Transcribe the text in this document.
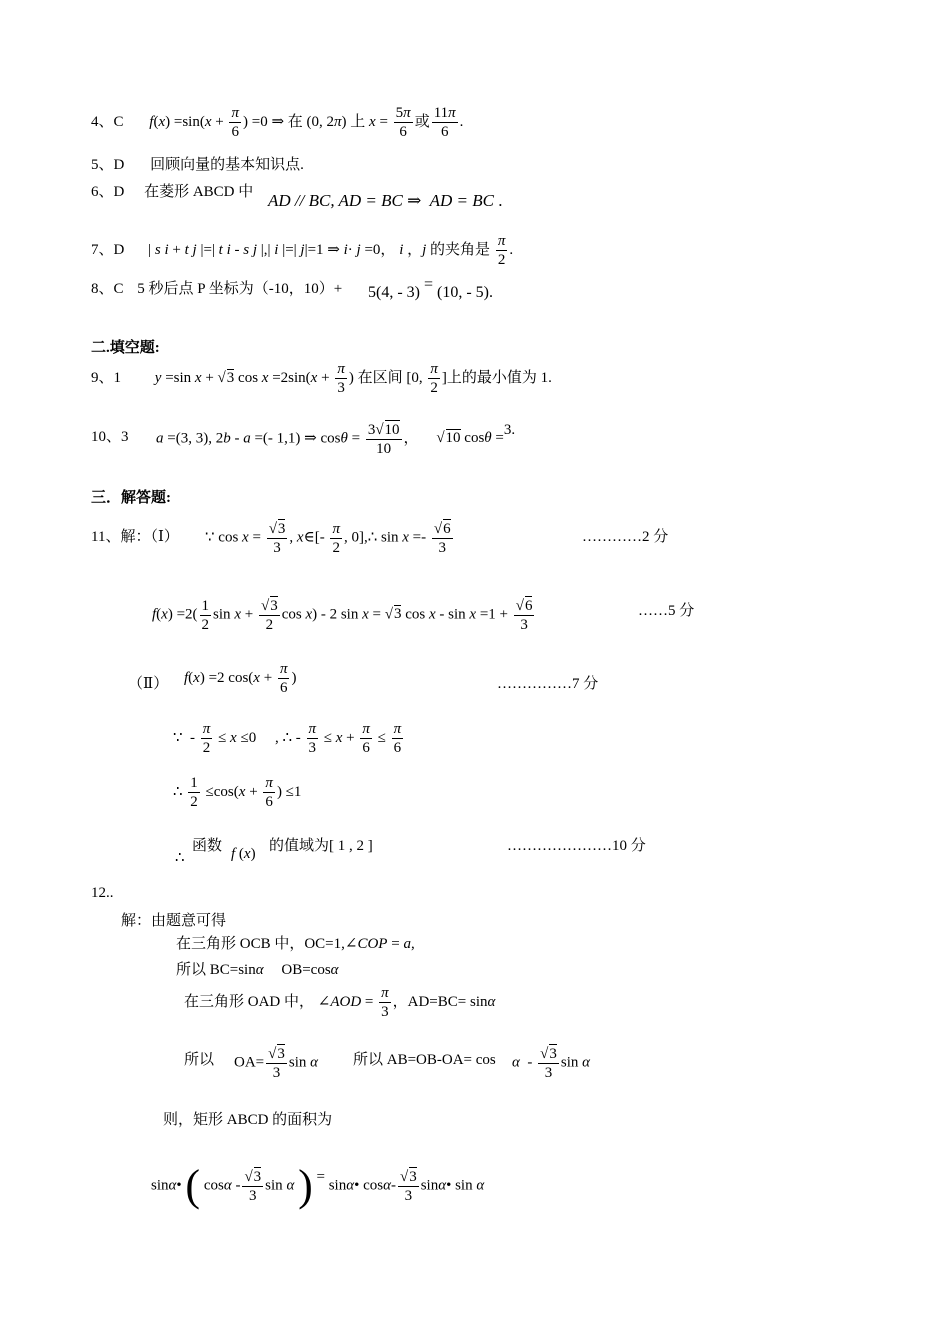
4、C $f(x) =\sin(x + \frac{\pi}{6}$ ) =0 ⇒ 在 (0, 2π) 上 $x = \frac{5\pi}{6}$ 或 $\frac{11\pi}{6}$ .
5、D 回顾向量的基本知识点.
6、D 在菱形 ABCD 中 AD // BC, AD = BC ⇒  AD = BC .
7、D | s i + t j |=| t i - s j |,| i |=| j|=1 ⇒ i· j =0， i ，j 的夹角是 $\frac{\pi}{2}$ .
8、C 5 秒后点 P 坐标为（-10，10）+ 5(4, - 3) = (10, - 5).
二.填空题:
9、1 y =sin x + √3 $\cos x =2\sin(x + \frac{\pi}{3}$ ) 在区间 [0, $\frac{\pi}{2}$ ]上的最小值为 1.
10、3 a =(3, 3), 2b - a =(- 1,1) ⇒ $\cos\theta = \frac{3√10}{10}$ ， √10 cosθ =3.
三．解答题:
11、解：（Ⅰ） ∵ $\cos x = \frac{√3}{3}$ , x∈[- $\frac{\pi}{2}$ , 0],∴ $\sin x =- \frac{√6}{3}$	…………2 分
$f(x) =2( \frac{1}{2}$ $\sin x + \frac{√3}{2}$ cos x) - 2 sin x = √3 $\cos x - \sin x =1 + \frac{√6}{3}$	……5 分
（Ⅱ） f(x) =2 $\cos(x + \frac{\pi}{6}$ )	……………7 分
∵  - $\frac{\pi}{2} \le x \le 0$     , ∴ - $\frac{\pi}{3} \le x + \frac{\pi}{6} \le \frac{\pi}{6}$
∴ $\frac{1}{2} \le\cos(x + \frac{\pi}{6}$ ) ≤1
∴
函数 f (x) 的值域为[ 1 , 2 ]	…………………10 分
12..
解：由题意可得
在三角形 OCB 中，OC=1,∠COP = a,
所以 BC=sinα OB=cosα
在三角形 OAD 中， ∠AOD = $\frac{\pi}{3}$ ，AD=BC= sinα
所以 $OA= \frac{√3}{3}$ sin α 所以 $AB=OB-OA= \cos \alpha - \frac{√3}{3}$ sin α
则，矩形 ABCD 的面积为
sinα• ( cosα - $\frac{√3}{3}$ sin α ) = sinα• $\cos\alpha- \frac{√3}{3}$ sinα• sin α
